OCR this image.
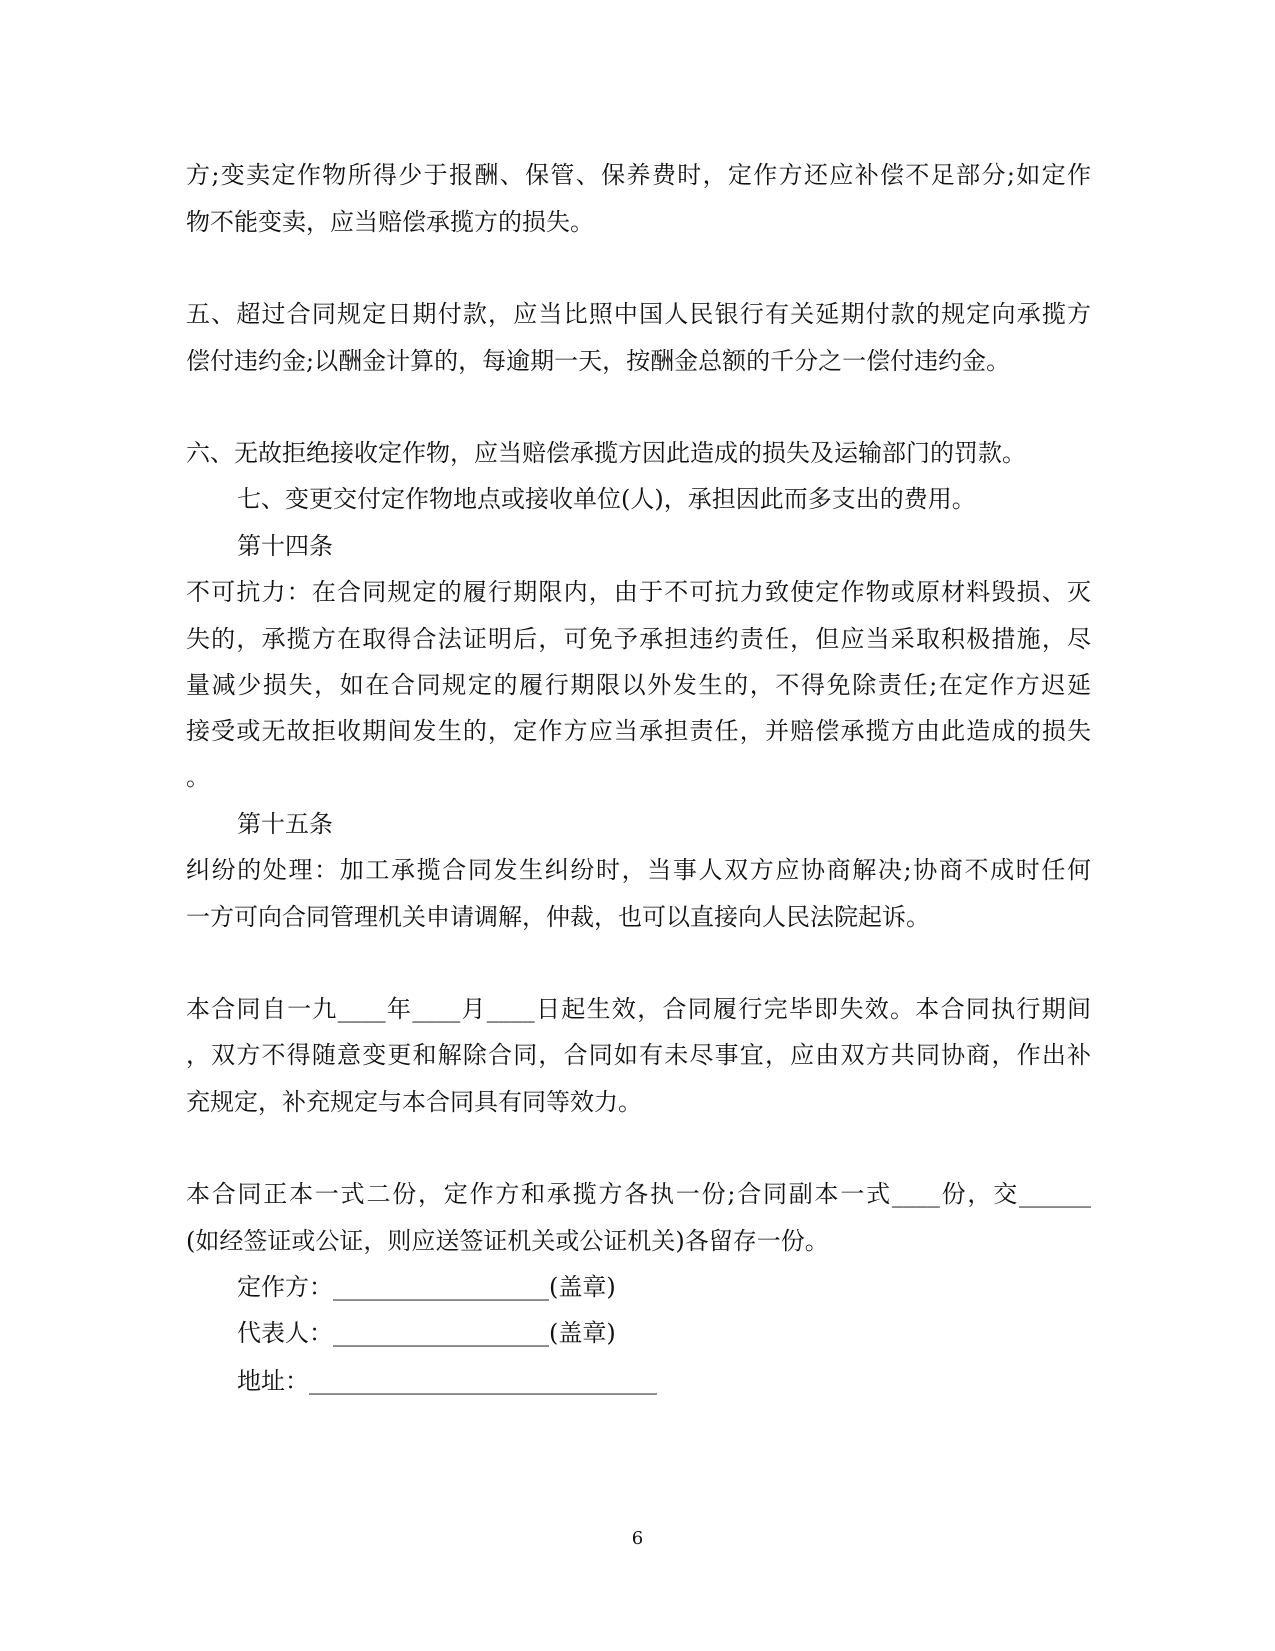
方;变卖定作物所得少于报酬、保管、保养费时，定作方还应补偿不足部分;如定作
物不能变卖，应当赔偿承揽方的损失。
五、超过合同规定日期付款，应当比照中国人民银行有关延期付款的规定向承揽方
偿付违约金;以酬金计算的，每逾期一天，按酬金总额的千分之一偿付违约金。
六、无故拒绝接收定作物，应当赔偿承揽方因此造成的损失及运输部门的罚款。
七、变更交付定作物地点或接收单位(人)，承担因此而多支出的费用。
第十四条
不可抗力：在合同规定的履行期限内，由于不可抗力致使定作物或原材料毁损、灭
失的，承揽方在取得合法证明后，可免予承担违约责任，但应当采取积极措施，尽
量减少损失，如在合同规定的履行期限以外发生的，不得免除责任;在定作方迟延
接受或无故拒收期间发生的，定作方应当承担责任，并赔偿承揽方由此造成的损失
。
第十五条
纠纷的处理：加工承揽合同发生纠纷时，当事人双方应协商解决;协商不成时任何
一方可向合同管理机关申请调解，仲裁，也可以直接向人民法院起诉。
本合同自一九____年____月____日起生效，合同履行完毕即失效。本合同执行期间
，双方不得随意变更和解除合同，合同如有未尽事宜，应由双方共同协商，作出补
充规定，补充规定与本合同具有同等效力。
本合同正本一式二份，定作方和承揽方各执一份;合同副本一式____份，交______
(如经签证或公证，则应送签证机关或公证机关)各留存一份。
定作方：__________________(盖章)
代表人：__________________(盖章)
地址：_____________________________
6
